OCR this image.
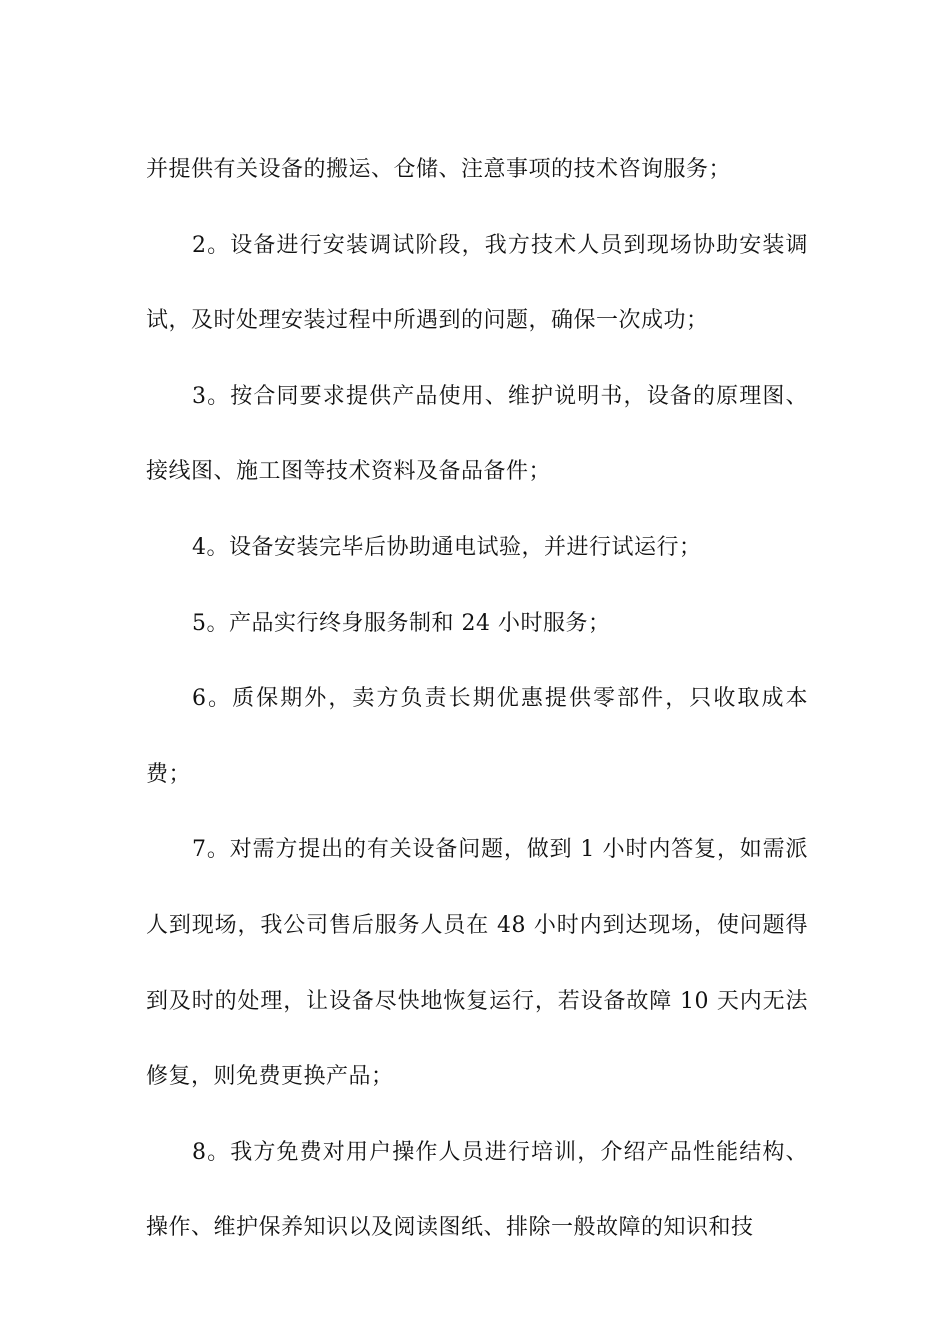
并提供有关设备的搬运、仓储、注意事项的技术咨询服务；

2。设备进行安装调试阶段，我方技术人员到现场协助安装调试，及时处理安装过程中所遇到的问题，确保一次成功；

3。按合同要求提供产品使用、维护说明书，设备的原理图、接线图、施工图等技术资料及备品备件；

4。设备安装完毕后协助通电试验，并进行试运行；

5。产品实行终身服务制和 24 小时服务；

6。质保期外，卖方负责长期优惠提供零部件，只收取成本费；

7。对需方提出的有关设备问题，做到 1 小时内答复，如需派人到现场，我公司售后服务人员在 48 小时内到达现场，使问题得到及时的处理，让设备尽快地恢复运行，若设备故障 10 天内无法修复，则免费更换产品；

8。我方免费对用户操作人员进行培训，介绍产品性能结构、操作、维护保养知识以及阅读图纸、排除一般故障的知识和技
